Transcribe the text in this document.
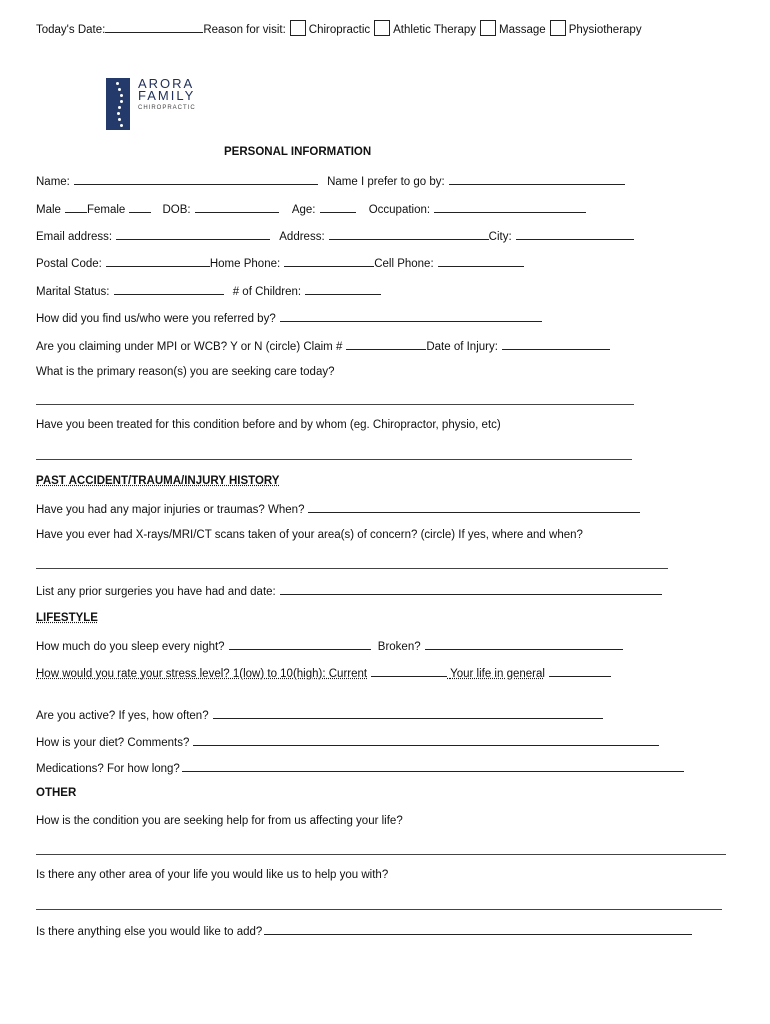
Today's Date:	Reason for visit: Chiropractic Athletic Therapy Massage Physiotherapy
ARORA
FAMILY
CHIROPRACTIC
PERSONAL INFORMATION
Name:	Name I prefer to go by:
Male Female	DOB:	Age:	Occupation:
Email address:	Address:	City:
Postal Code:	Home Phone:	Cell Phone:
Marital Status:	# of Children:
How did you find us/who were you referred by?
Are you claiming under MPI or WCB? Y or N (circle) Claim #	Date of Injury:
What is the primary reason(s) you are seeking care today?
Have you been treated for this condition before and by whom (eg. Chiropractor, physio, etc)
PAST ACCIDENT/TRAUMA/INJURY HISTORY
Have you had any major injuries or traumas? When?
Have you ever had X-rays/MRI/CT scans taken of your area(s) of concern? (circle) If yes, where and when?
List any prior surgeries you have had and date:
LIFESTYLE
How much do you sleep every night?	Broken?
How would you rate your stress level? 1(low) to 10(high): Current	Your life in general
Are you active? If yes, how often?
How is your diet? Comments?
Medications? For how long?
OTHER
How is the condition you are seeking help for from us affecting your life?
Is there any other area of your life you would like us to help you with?
Is there anything else you would like to add?
